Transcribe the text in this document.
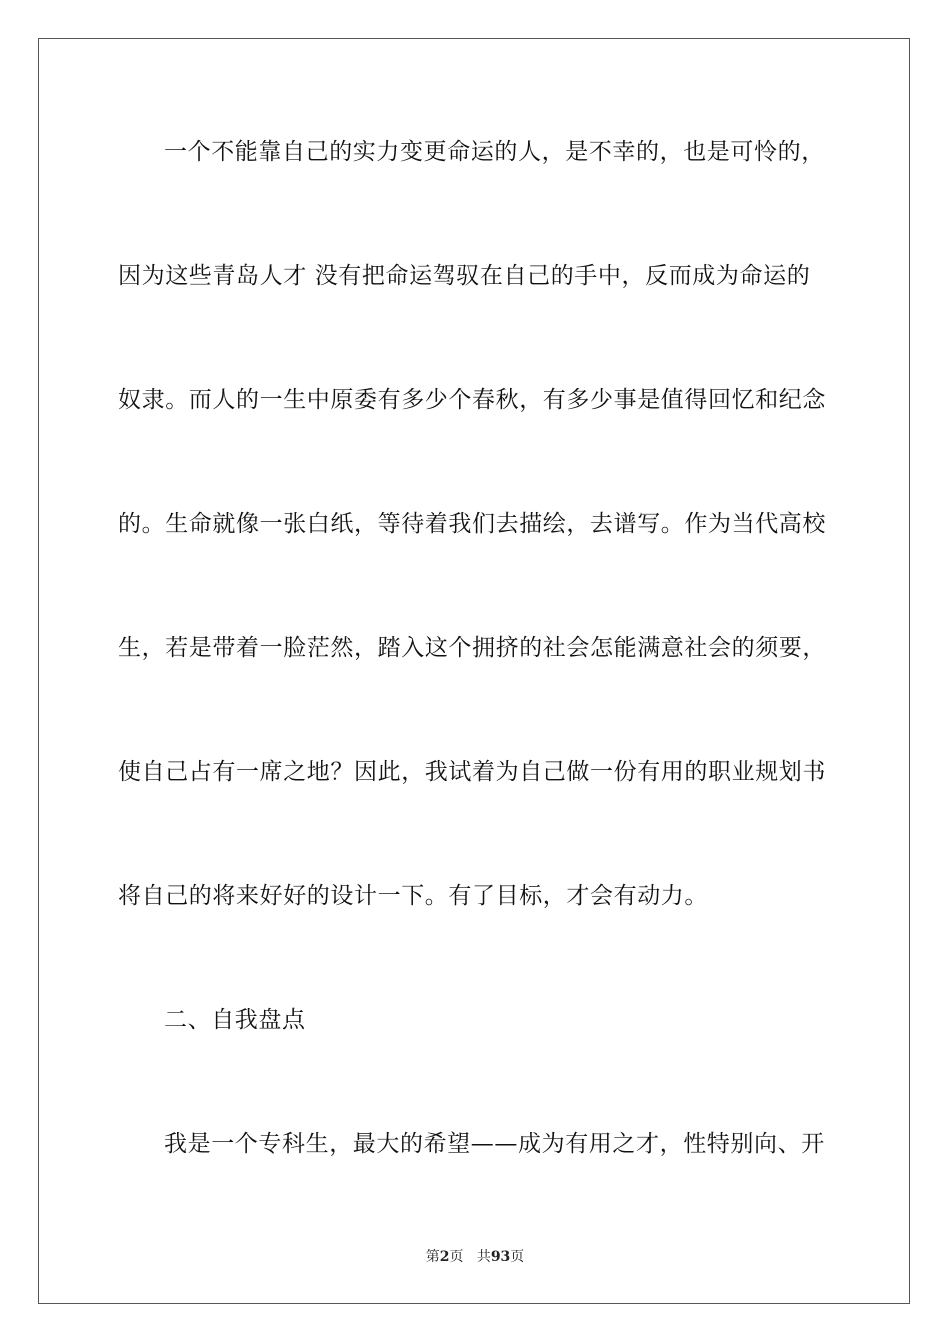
一个不能靠自己的实力变更命运的人，是不幸的，也是可怜的，
因为这些青岛人才 没有把命运驾驭在自己的手中，反而成为命运的
奴隶。而人的一生中原委有多少个春秋，有多少事是值得回忆和纪念
的。生命就像一张白纸，等待着我们去描绘，去谱写。作为当代高校
生，若是带着一脸茫然，踏入这个拥挤的社会怎能满意社会的须要，
使自己占有一席之地？因此，我试着为自己做一份有用的职业规划书
将自己的将来好好的设计一下。有了目标，才会有动力。
二、自我盘点
我是一个专科生，最大的希望——成为有用之才，性特别向、开
第2页 共93页
